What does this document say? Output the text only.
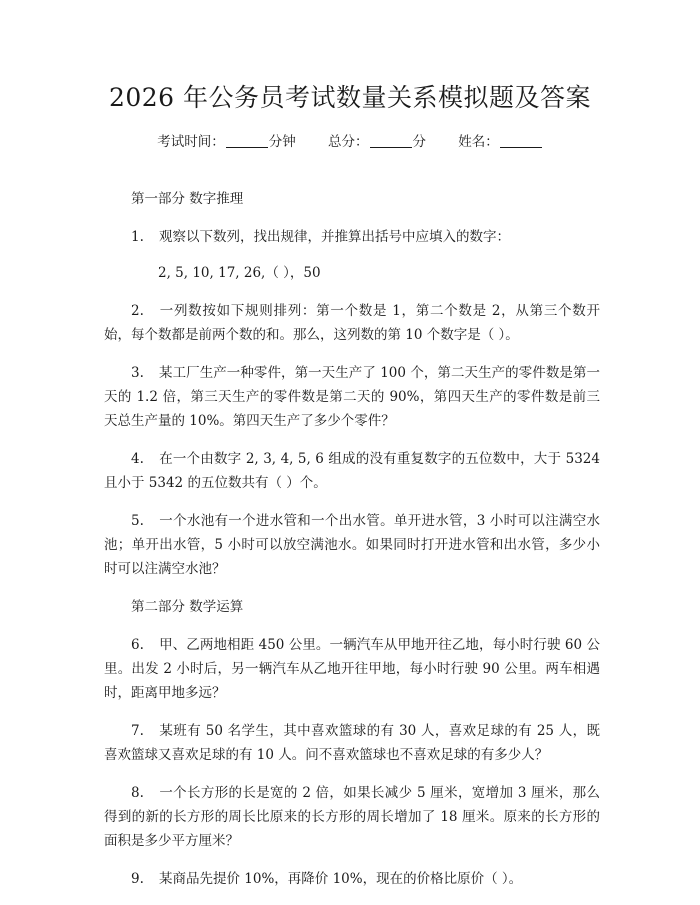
2026 年公务员考试数量关系模拟题及答案
考试时间：	分钟 总分：	分 姓名：
第一部分 数字推理
1. 观察以下数列，找出规律，并推算出括号中应填入的数字：
2, 5, 10, 17, 26,（ ），50
2. 一列数按如下规则排列：第一个数是 1，第二个数是 2，从第三个数开始，每个数都是前两个数的和。那么，这列数的第 10 个数字是（ ）。
3. 某工厂生产一种零件，第一天生产了 100 个，第二天生产的零件数是第一天的 1.2 倍，第三天生产的零件数是第二天的 90%，第四天生产的零件数是前三天总生产量的 10%。第四天生产了多少个零件？
4. 在一个由数字 2, 3, 4, 5, 6 组成的没有重复数字的五位数中，大于 5324 且小于 5342 的五位数共有（ ）个。
5. 一个水池有一个进水管和一个出水管。单开进水管，3 小时可以注满空水池；单开出水管，5 小时可以放空满池水。如果同时打开进水管和出水管，多少小时可以注满空水池？
第二部分 数学运算
6. 甲、乙两地相距 450 公里。一辆汽车从甲地开往乙地，每小时行驶 60 公里。出发 2 小时后，另一辆汽车从乙地开往甲地，每小时行驶 90 公里。两车相遇时，距离甲地多远？
7. 某班有 50 名学生，其中喜欢篮球的有 30 人，喜欢足球的有 25 人，既喜欢篮球又喜欢足球的有 10 人。问不喜欢篮球也不喜欢足球的有多少人？
8. 一个长方形的长是宽的 2 倍，如果长减少 5 厘米，宽增加 3 厘米，那么得到的新的长方形的周长比原来的长方形的周长增加了 18 厘米。原来的长方形的面积是多少平方厘米？
9. 某商品先提价 10%，再降价 10%，现在的价格比原价（ ）。
